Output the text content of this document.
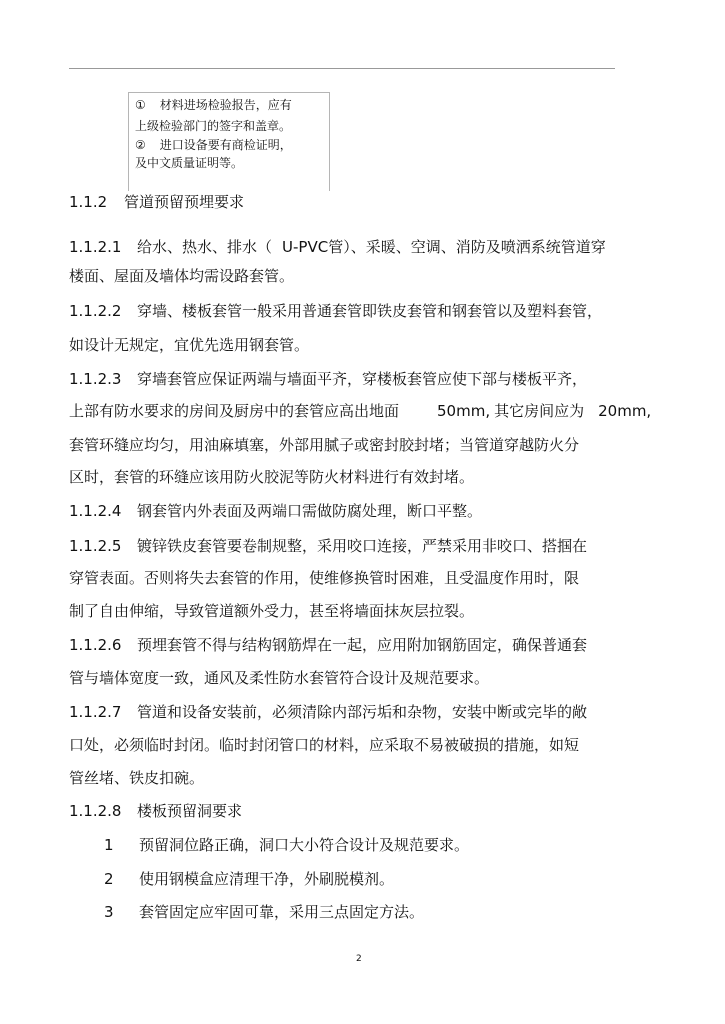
① 材料进场检验报告，应有
上级检验部门的签字和盖章。
② 进口设备要有商检证明，
及中文质量证明等。
1.1.2 管道预留预埋要求
1.1.2.1 给水、热水、排水（ U-PVC管）、采暖、空调、消防及喷洒系统管道穿
楼面、屋面及墙体均需设路套管。
1.1.2.2 穿墙、楼板套管一般采用普通套管即铁皮套管和钢套管以及塑料套管，
如设计无规定，宜优先选用钢套管。
1.1.2.3 穿墙套管应保证两端与墙面平齐，穿楼板套管应使下部与楼板平齐，
上部有防水要求的房间及厨房中的套管应高出地面	50mm, 其它房间应为 20mm,
套管环缝应均匀，用油麻填塞，外部用腻子或密封胶封堵；当管道穿越防火分
区时，套管的环缝应该用防火胶泥等防火材料进行有效封堵。
1.1.2.4 钢套管内外表面及两端口需做防腐处理，断口平整。
1.1.2.5 镀锌铁皮套管要卷制规整，采用咬口连接，严禁采用非咬口、搭掴在
穿管表面。否则将失去套管的作用，使维修换管时困难，且受温度作用时，限
制了自由伸缩，导致管道额外受力，甚至将墙面抹灰层拉裂。
1.1.2.6 预埋套管不得与结构钢筋焊在一起，应用附加钢筋固定，确保普通套
管与墙体宽度一致，通风及柔性防水套管符合设计及规范要求。
1.1.2.7 管道和设备安装前，必须清除内部污垢和杂物，安装中断或完毕的敞
口处，必须临时封闭。临时封闭管口的材料，应采取不易被破损的措施，如短
管丝堵、铁皮扣碗。
1.1.2.8 楼板预留洞要求
1 预留洞位路正确，洞口大小符合设计及规范要求。
2 使用钢模盒应清理干净，外刷脱模剂。
3 套管固定应牢固可靠，采用三点固定方法。
2
